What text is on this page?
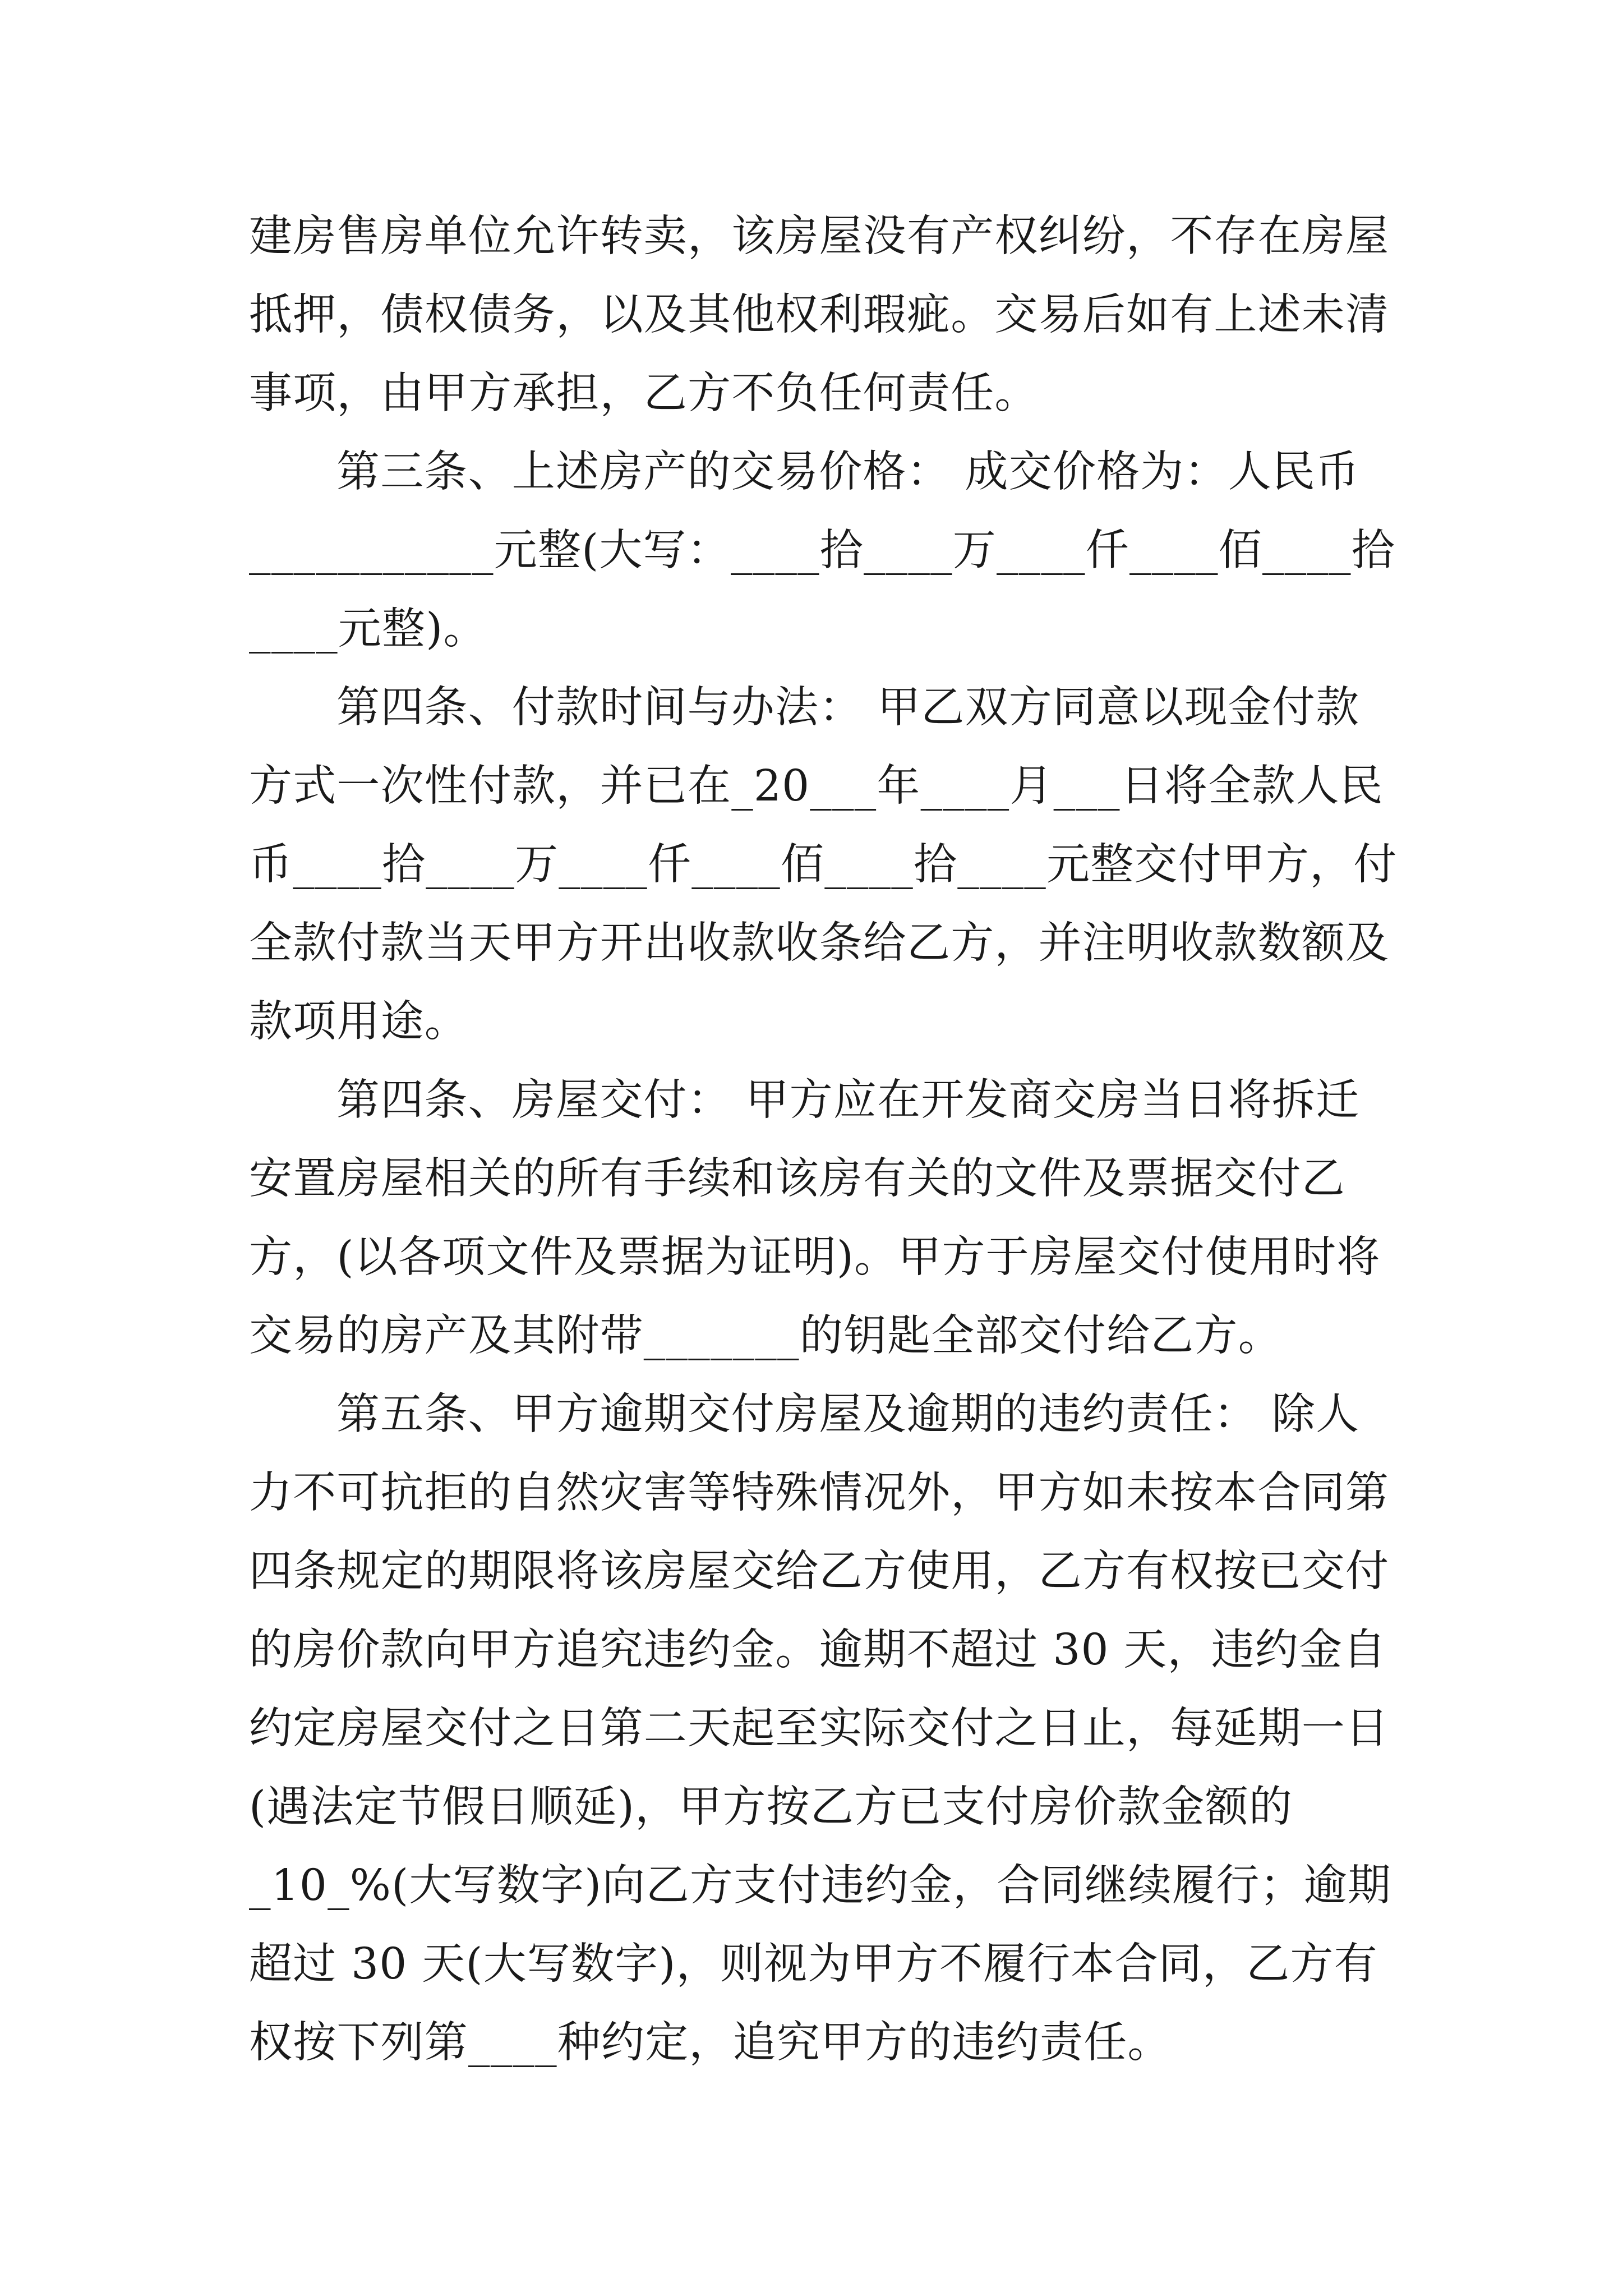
建房售房单位允许转卖，该房屋没有产权纠纷，不存在房屋
抵押，债权债务，以及其他权利瑕疵。交易后如有上述未清
事项，由甲方承担，乙方不负任何责任。
第三条、上述房产的交易价格： 成交价格为：人民币
___________元整(大写：____拾____万____仟____佰____拾
____元整)。
第四条、付款时间与办法： 甲乙双方同意以现金付款
方式一次性付款，并已在_20___年____月___日将全款人民
币____拾____万____仟____佰____拾____元整交付甲方，付
全款付款当天甲方开出收款收条给乙方，并注明收款数额及
款项用途。
第四条、房屋交付： 甲方应在开发商交房当日将拆迁
安置房屋相关的所有手续和该房有关的文件及票据交付乙
方，(以各项文件及票据为证明)。甲方于房屋交付使用时将
交易的房产及其附带_______的钥匙全部交付给乙方。
第五条、甲方逾期交付房屋及逾期的违约责任： 除人
力不可抗拒的自然灾害等特殊情况外，甲方如未按本合同第
四条规定的期限将该房屋交给乙方使用，乙方有权按已交付
的房价款向甲方追究违约金。逾期不超过 30 天，违约金自
约定房屋交付之日第二天起至实际交付之日止，每延期一日
(遇法定节假日顺延)，甲方按乙方已支付房价款金额的
_10_%(大写数字)向乙方支付违约金，合同继续履行；逾期
超过 30 天(大写数字)，则视为甲方不履行本合同，乙方有
权按下列第____种约定，追究甲方的违约责任。
